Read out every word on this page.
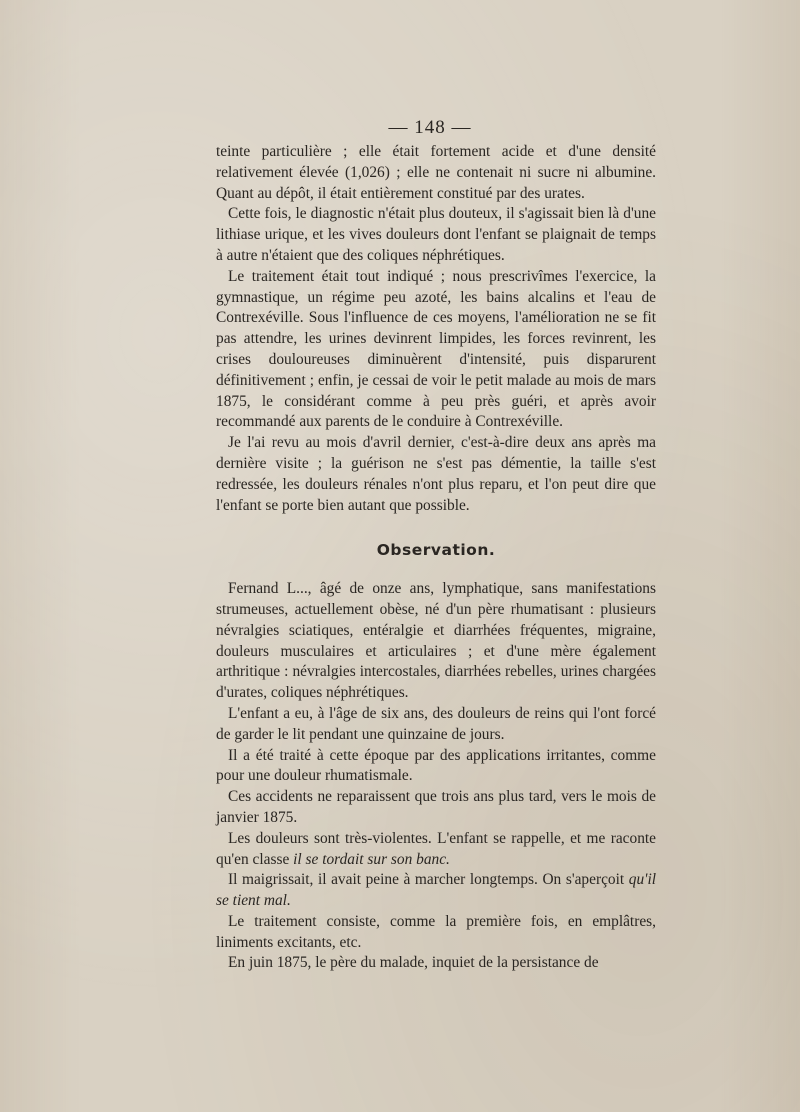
— 148 —

teinte particulière ; elle était fortement acide et d'une densité relativement élevée (1,026) ; elle ne contenait ni sucre ni albumine. Quant au dépôt, il était entièrement constitué par des urates.

Cette fois, le diagnostic n'était plus douteux, il s'agissait bien là d'une lithiase urique, et les vives douleurs dont l'enfant se plaignait de temps à autre n'étaient que des coliques néphrétiques.

Le traitement était tout indiqué ; nous prescrivîmes l'exercice, la gymnastique, un régime peu azoté, les bains alcalins et l'eau de Contrexéville. Sous l'influence de ces moyens, l'amélioration ne se fit pas attendre, les urines devinrent limpides, les forces revinrent, les crises douloureuses diminuèrent d'intensité, puis disparurent définitivement ; enfin, je cessai de voir le petit malade au mois de mars 1875, le considérant comme à peu près guéri, et après avoir recommandé aux parents de le conduire à Contrexéville.

Je l'ai revu au mois d'avril dernier, c'est-à-dire deux ans après ma dernière visite ; la guérison ne s'est pas démentie, la taille s'est redressée, les douleurs rénales n'ont plus reparu, et l'on peut dire que l'enfant se porte bien autant que possible.

Observation.

Fernand L..., âgé de onze ans, lymphatique, sans manifestations strumeuses, actuellement obèse, né d'un père rhumatisant : plusieurs névralgies sciatiques, entéralgie et diarrhées fréquentes, migraine, douleurs musculaires et articulaires ; et d'une mère également arthritique : névralgies intercostales, diarrhées rebelles, urines chargées d'urates, coliques néphrétiques.

L'enfant a eu, à l'âge de six ans, des douleurs de reins qui l'ont forcé de garder le lit pendant une quinzaine de jours.

Il a été traité à cette époque par des applications irritantes, comme pour une douleur rhumatismale.

Ces accidents ne reparaissent que trois ans plus tard, vers le mois de janvier 1875.

Les douleurs sont très-violentes. L'enfant se rappelle, et me raconte qu'en classe il se tordait sur son banc.

Il maigrissait, il avait peine à marcher longtemps. On s'aperçoit qu'il se tient mal.

Le traitement consiste, comme la première fois, en emplâtres, liniments excitants, etc.

En juin 1875, le père du malade, inquiet de la persistance de
